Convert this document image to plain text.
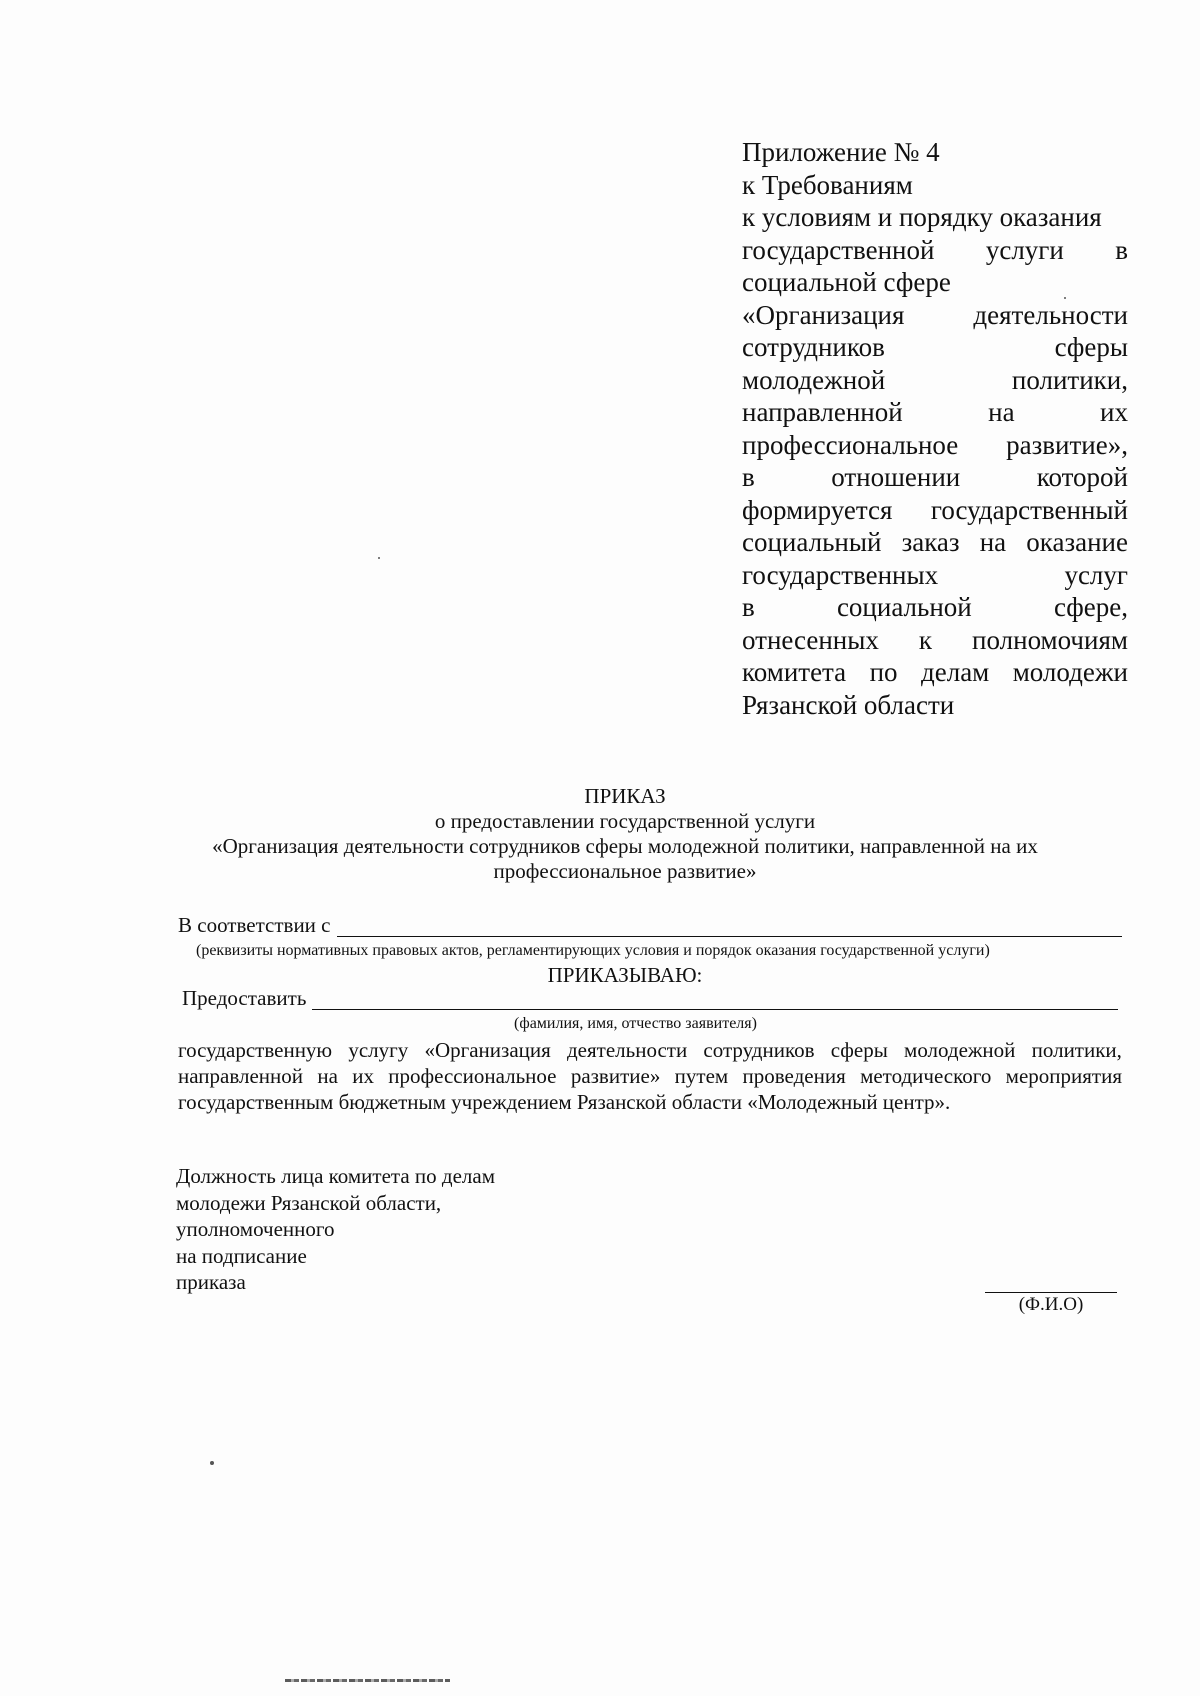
Приложение № 4
к Требованиям
к условиям и порядку оказания
государственной услуги в
социальной сфере
«Организация	деятельности
сотрудников	сферы
молодежной	политики,
направленной	на	их
профессиональное развитие»,
в	отношении	которой
формируется государственный
социальный заказ на оказание
государственных	услуг
в	социальной	сфере,
отнесенных к полномочиям
комитета по делам молодежи
Рязанской области
ПРИКАЗ
о предоставлении государственной услуги
«Организация деятельности сотрудников сферы молодежной политики, направленной на их
профессиональное развитие»
В соответствии с
(реквизиты нормативных правовых актов, регламентирующих условия и порядок оказания государственной услуги)
ПРИКАЗЫВАЮ:
Предоставить
(фамилия, имя, отчество заявителя)
государственную услугу «Организация деятельности сотрудников сферы молодежной политики,
направленной на их профессиональное развитие» путем проведения методического мероприятия
государственным бюджетным учреждением Рязанской области «Молодежный центр».
Должность лица комитета по делам
молодежи Рязанской области,
уполномоченного
на подписание
приказа
(Ф.И.О)
